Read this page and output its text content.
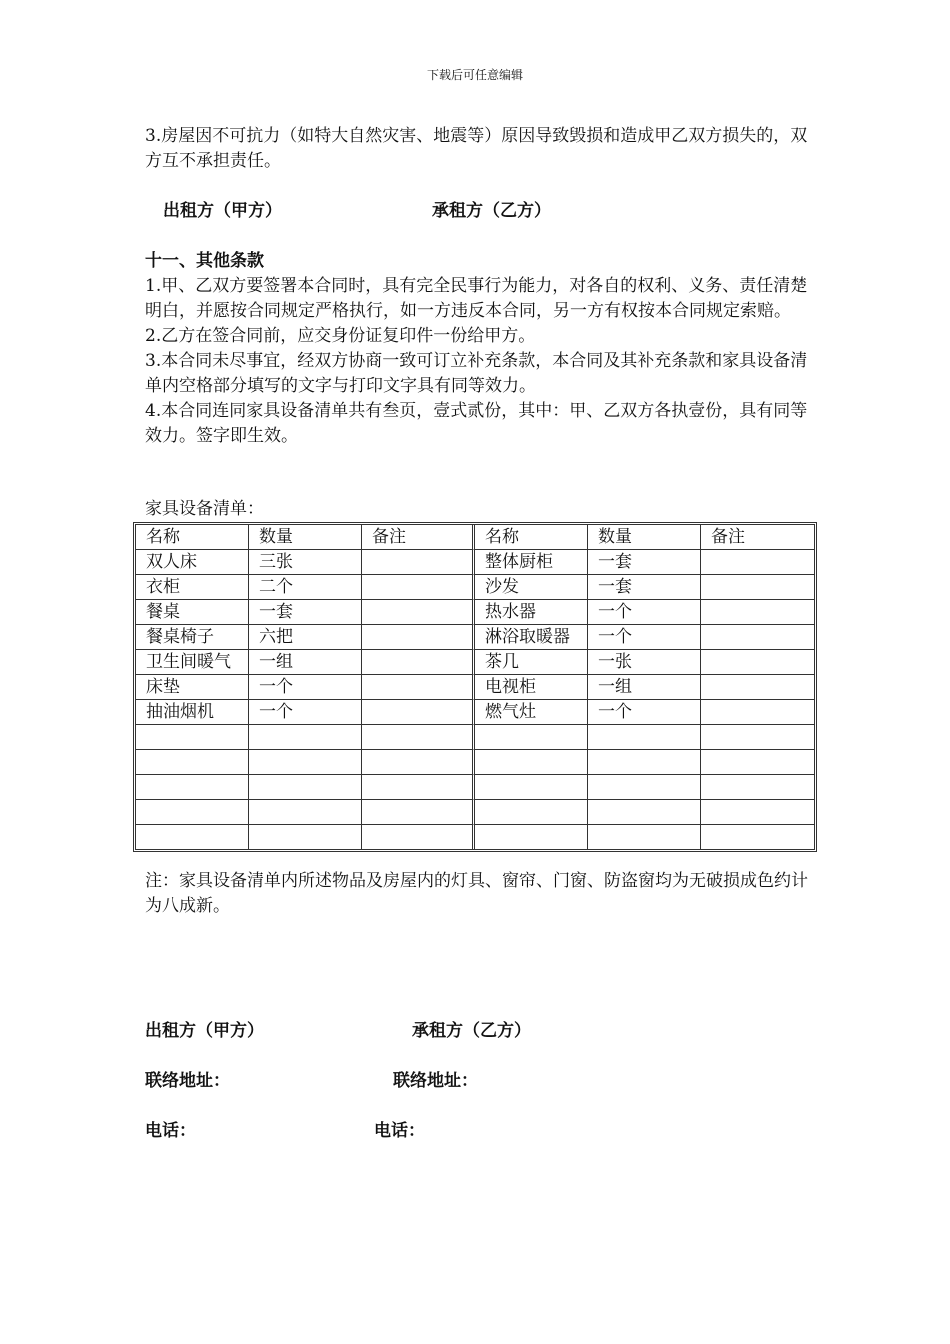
下载后可任意编辑

3.房屋因不可抗力（如特大自然灾害、地震等）原因导致毁损和造成甲乙双方损失的，双方互不承担责任。

出租方（甲方）	承租方（乙方）

十一、其他条款

1.甲、乙双方要签署本合同时，具有完全民事行为能力，对各自的权利、义务、责任清楚明白，并愿按合同规定严格执行，如一方违反本合同，另一方有权按本合同规定索赔。

2.乙方在签合同前，应交身份证复印件一份给甲方。

3.本合同未尽事宜，经双方协商一致可订立补充条款，本合同及其补充条款和家具设备清单内空格部分填写的文字与打印文字具有同等效力。

4.本合同连同家具设备清单共有叁页，壹式贰份，其中：甲、乙双方各执壹份，具有同等效力。签字即生效。

家具设备清单：
名称	数量	备注	名称	数量	备注
双人床	三张		整体厨柜	一套	
衣柜	二个		沙发	一套	
餐桌	一套		热水器	一个	
餐桌椅子	六把		淋浴取暖器	一个	
卫生间暖气	一组		茶几	一张	
床垫	一个		电视柜	一组	
抽油烟机	一个		燃气灶	一个	

注：家具设备清单内所述物品及房屋内的灯具、窗帘、门窗、防盗窗均为无破损成色约计为八成新。
出租方（甲方）	承租方（乙方）
联络地址：	联络地址：
电话：	电话：
